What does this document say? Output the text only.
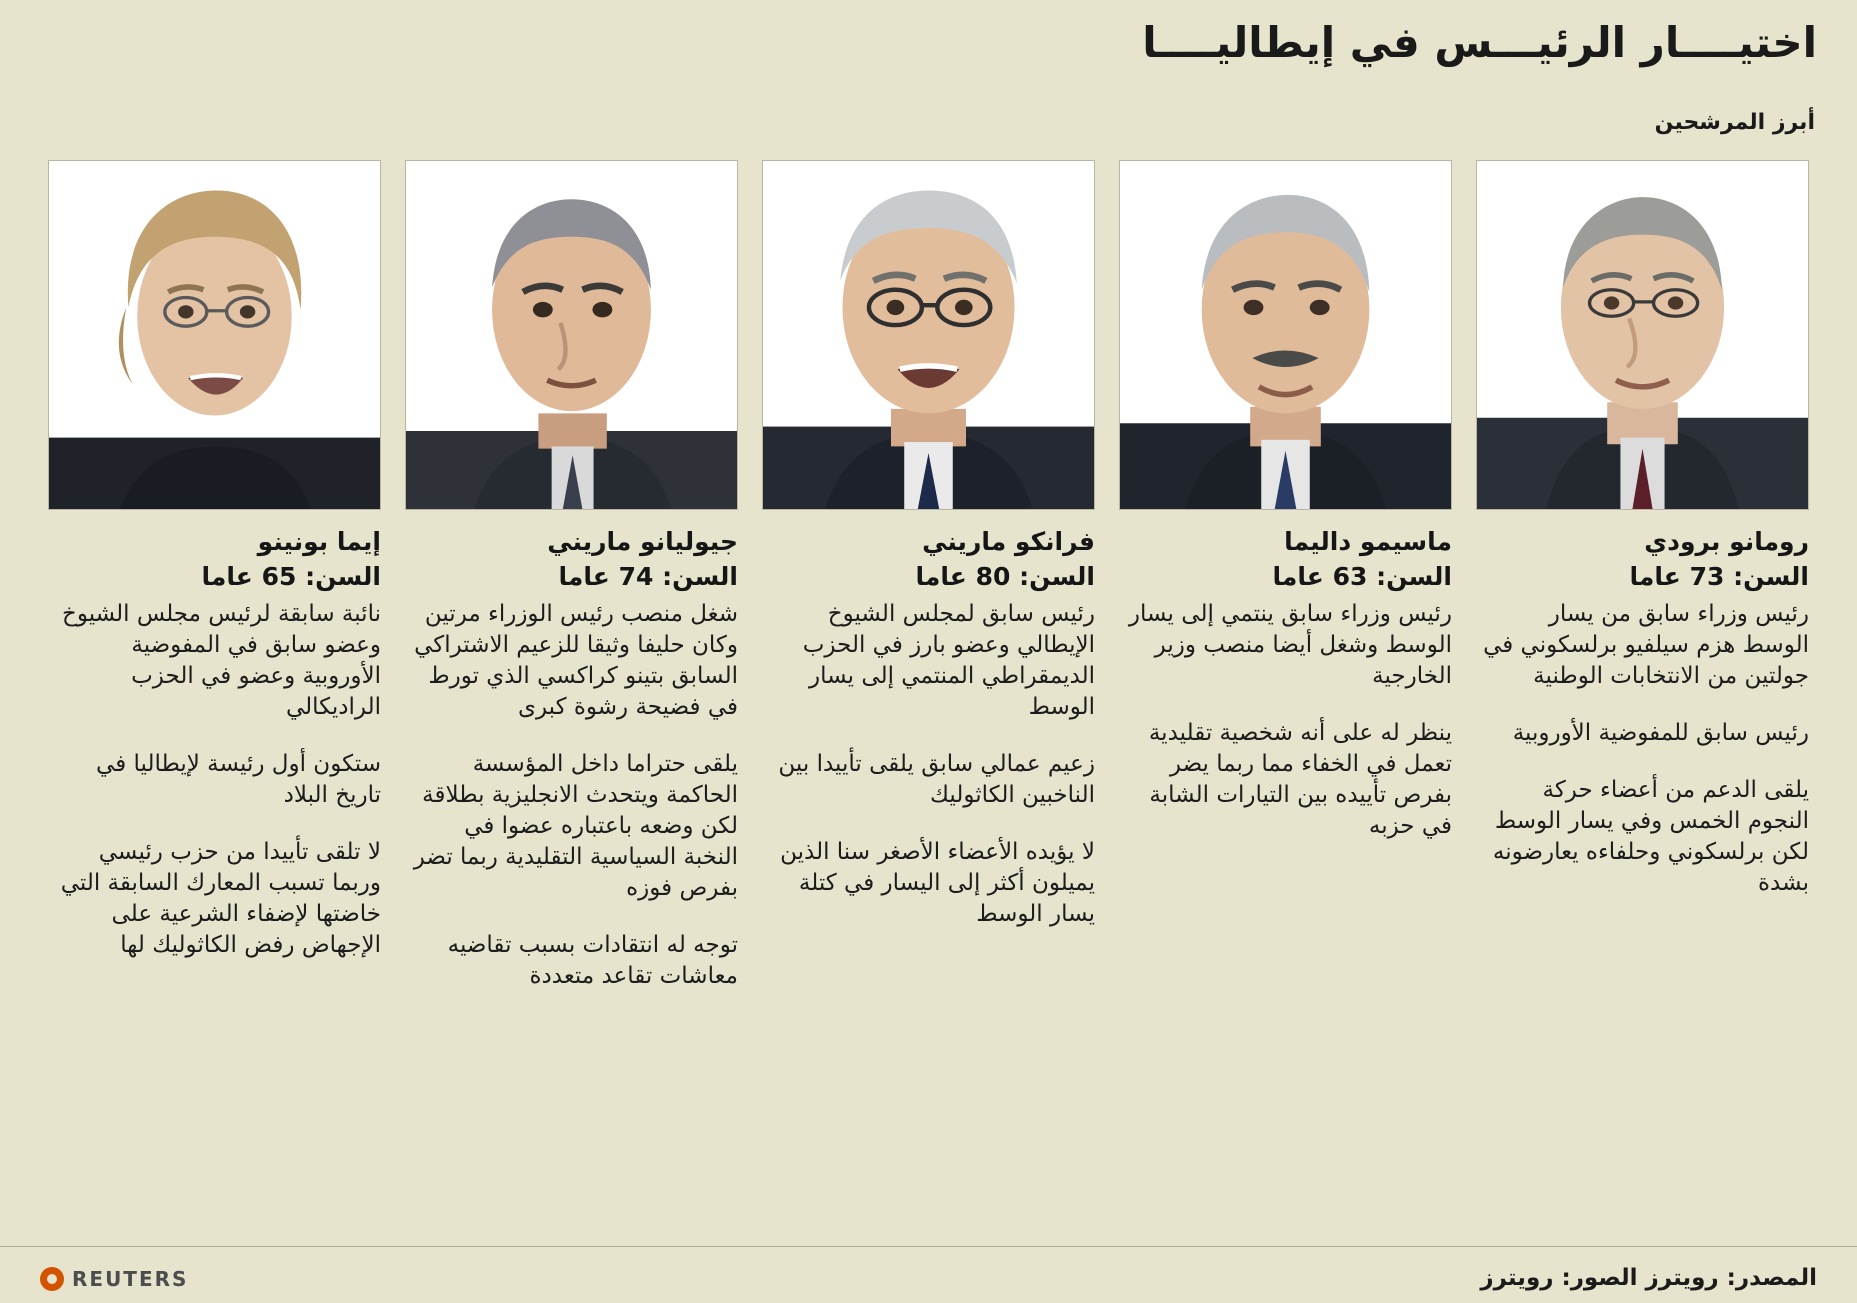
اختيــــار الرئيـــس في إيطاليــــا
أبرز المرشحين
رومانو برودي
السن: 73 عاما
رئيس وزراء سابق من يسار الوسط هزم سيلفيو برلسكوني في جولتين من الانتخابات الوطنية
رئيس سابق للمفوضية الأوروبية
يلقى الدعم من أعضاء حركة النجوم الخمس وفي يسار الوسط لكن برلسكوني وحلفاءه يعارضونه بشدة
ماسيمو داليما
السن: 63 عاما
رئيس وزراء سابق ينتمي إلى يسار الوسط وشغل أيضا منصب وزير الخارجية
ينظر له على أنه شخصية تقليدية تعمل في الخفاء مما ربما يضر بفرص تأييده بين التيارات الشابة في حزبه
فرانكو ماريني
السن: 80 عاما
رئيس سابق لمجلس الشيوخ الإيطالي وعضو بارز في الحزب الديمقراطي المنتمي إلى يسار الوسط
زعيم عمالي سابق يلقى تأييدا بين الناخبين الكاثوليك
لا يؤيده الأعضاء الأصغر سنا الذين يميلون أكثر إلى اليسار في كتلة يسار الوسط
جيوليانو ماريني
السن: 74 عاما
شغل منصب رئيس الوزراء مرتين وكان حليفا وثيقا للزعيم الاشتراكي السابق بتينو كراكسي الذي تورط في فضيحة رشوة كبرى
يلقى حتراما داخل المؤسسة الحاكمة ويتحدث الانجليزية بطلاقة لكن وضعه باعتباره عضوا في النخبة السياسية التقليدية ربما تضر بفرص فوزه
توجه له انتقادات بسبب تقاضيه معاشات تقاعد متعددة
إيما بونينو
السن: 65 عاما
نائبة سابقة لرئيس مجلس الشيوخ وعضو سابق في المفوضية الأوروبية وعضو في الحزب الراديكالي
ستكون أول رئيسة لإيطاليا في تاريخ البلاد
لا تلقى تأييدا من حزب رئيسي وربما تسبب المعارك السابقة التي خاضتها لإضفاء الشرعية على الإجهاض رفض الكاثوليك لها
المصدر: رويترز الصور: رويترز
REUTERS
